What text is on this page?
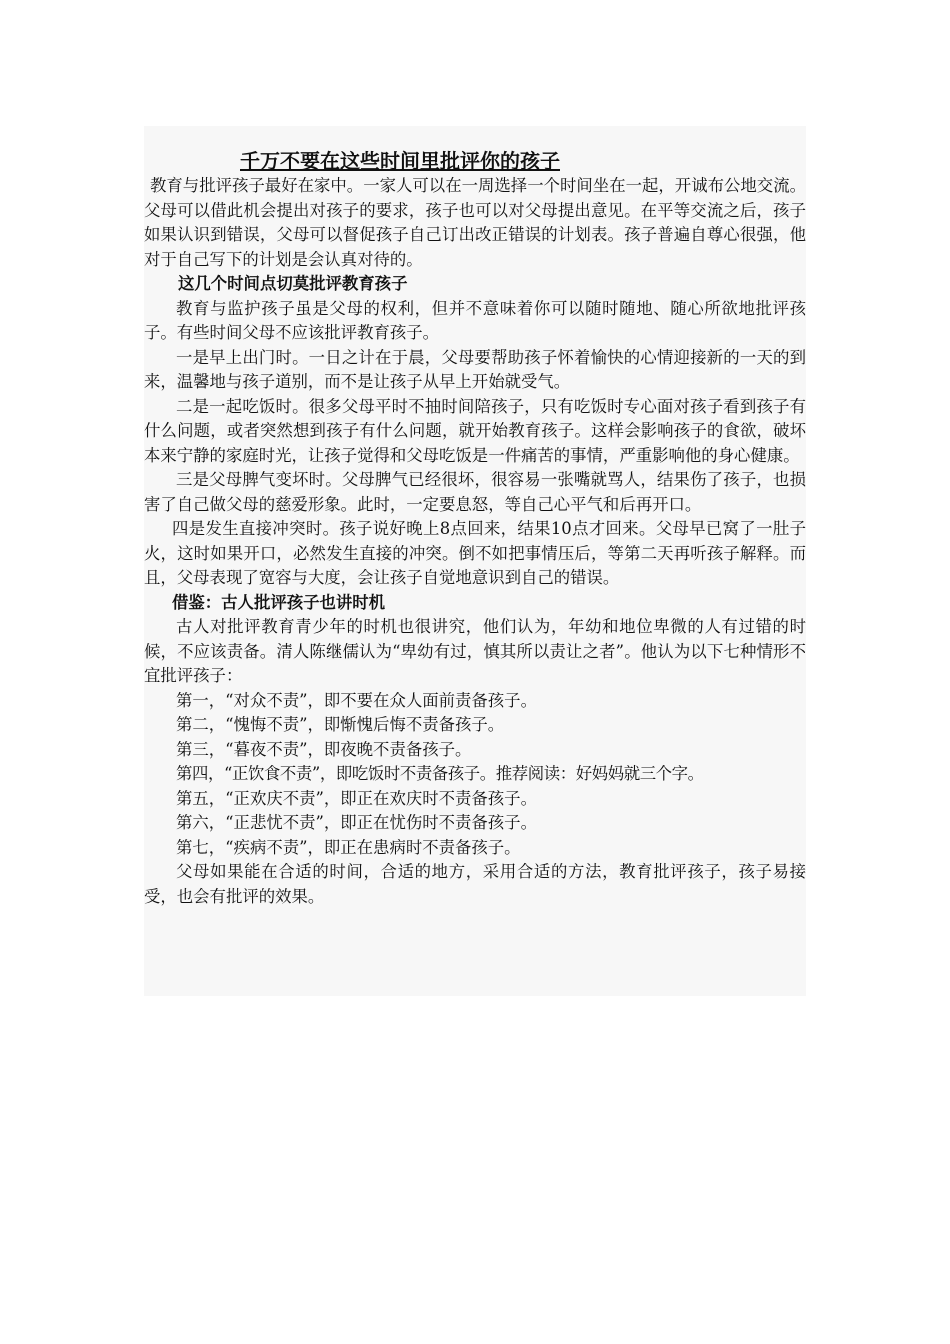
千万不要在这些时间里批评你的孩子

教育与批评孩子最好在家中。一家人可以在一周选择一个时间坐在一起，开诚布公地交流。父母可以借此机会提出对孩子的要求，孩子也可以对父母提出意见。在平等交流之后，孩子如果认识到错误，父母可以督促孩子自己订出改正错误的计划表。孩子普遍自尊心很强，他对于自己写下的计划是会认真对待的。

这几个时间点切莫批评教育孩子

教育与监护孩子虽是父母的权利，但并不意味着你可以随时随地、随心所欲地批评孩子。有些时间父母不应该批评教育孩子。

一是早上出门时。一日之计在于晨，父母要帮助孩子怀着愉快的心情迎接新的一天的到来，温馨地与孩子道别，而不是让孩子从早上开始就受气。

二是一起吃饭时。很多父母平时不抽时间陪孩子，只有吃饭时专心面对孩子看到孩子有什么问题，或者突然想到孩子有什么问题，就开始教育孩子。这样会影响孩子的食欲，破坏本来宁静的家庭时光，让孩子觉得和父母吃饭是一件痛苦的事情，严重影响他的身心健康。

三是父母脾气变坏时。父母脾气已经很坏，很容易一张嘴就骂人，结果伤了孩子，也损害了自己做父母的慈爱形象。此时，一定要息怒，等自己心平气和后再开口。

四是发生直接冲突时。孩子说好晚上8点回来，结果10点才回来。父母早已窝了一肚子火，这时如果开口，必然发生直接的冲突。倒不如把事情压后，等第二天再听孩子解释。而且，父母表现了宽容与大度，会让孩子自觉地意识到自己的错误。

借鉴：古人批评孩子也讲时机

古人对批评教育青少年的时机也很讲究，他们认为，年幼和地位卑微的人有过错的时候，不应该责备。清人陈继儒认为“卑幼有过，慎其所以责让之者”。他认为以下七种情形不宜批评孩子：

第一，“对众不责”，即不要在众人面前责备孩子。

第二，“愧悔不责”，即惭愧后悔不责备孩子。

第三，“暮夜不责”，即夜晚不责备孩子。

第四，“正饮食不责”，即吃饭时不责备孩子。推荐阅读：好妈妈就三个字。

第五，“正欢庆不责”，即正在欢庆时不责备孩子。

第六，“正悲忧不责”，即正在忧伤时不责备孩子。

第七，“疾病不责”，即正在患病时不责备孩子。

父母如果能在合适的时间，合适的地方，采用合适的方法，教育批评孩子，孩子易接受，也会有批评的效果。
